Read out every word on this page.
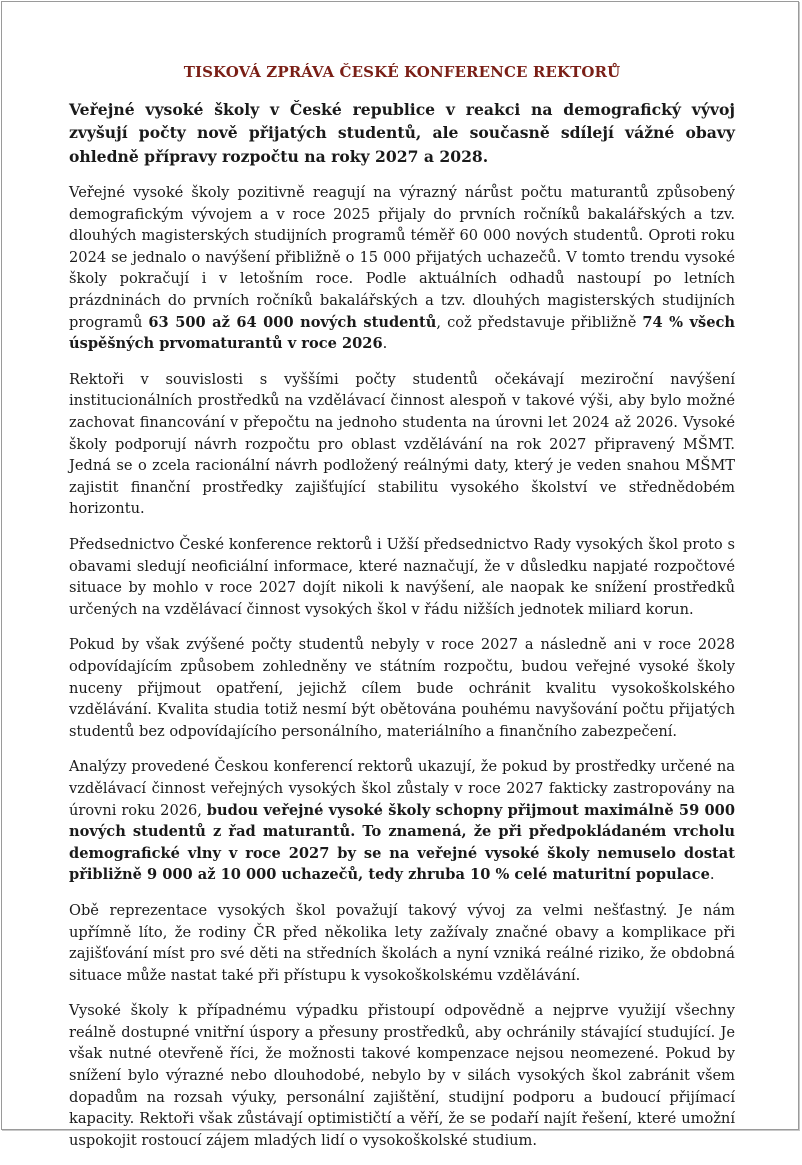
TISKOVÁ ZPRÁVA ČESKÉ KONFERENCE REKTORŮ
Veřejné vysoké školy v České republice v reakci na demografický vývoj zvyšují počty nově přijatých studentů, ale současně sdílejí vážné obavy ohledně přípravy rozpočtu na roky 2027 a 2028.

Veřejné vysoké školy pozitivně reagují na výrazný nárůst počtu maturantů způsobený demografickým vývojem a v roce 2025 přijaly do prvních ročníků bakalářských a tzv. dlouhých magisterských studijních programů téměř 60 000 nových studentů. Oproti roku 2024 se jednalo o navýšení přibližně o 15 000 přijatých uchazečů. V tomto trendu vysoké školy pokračují i v letošním roce. Podle aktuálních odhadů nastoupí po letních prázdninách do prvních ročníků bakalářských a tzv. dlouhých magisterských studijních programů 63 500 až 64 000 nových studentů, což představuje přibližně 74 % všech úspěšných prvomaturantů v roce 2026.

Rektoři v souvislosti s vyššími počty studentů očekávají meziroční navýšení institucionálních prostředků na vzdělávací činnost alespoň v takové výši, aby bylo možné zachovat financování v přepočtu na jednoho studenta na úrovni let 2024 až 2026. Vysoké školy podporují návrh rozpočtu pro oblast vzdělávání na rok 2027 připravený MŠMT. Jedná se o zcela racionální návrh podložený reálnými daty, který je veden snahou MŠMT zajistit finanční prostředky zajišťující stabilitu vysokého školství ve střednědobém horizontu.

Předsednictvo České konference rektorů i Užší předsednictvo Rady vysokých škol proto s obavami sledují neoficiální informace, které naznačují, že v důsledku napjaté rozpočtové situace by mohlo v roce 2027 dojít nikoli k navýšení, ale naopak ke snížení prostředků určených na vzdělávací činnost vysokých škol v řádu nižších jednotek miliard korun.

Pokud by však zvýšené počty studentů nebyly v roce 2027 a následně ani v roce 2028 odpovídajícím způsobem zohledněny ve státním rozpočtu, budou veřejné vysoké školy nuceny přijmout opatření, jejichž cílem bude ochránit kvalitu vysokoškolského vzdělávání. Kvalita studia totiž nesmí být obětována pouhému navyšování počtu přijatých studentů bez odpovídajícího personálního, materiálního a finančního zabezpečení.

Analýzy provedené Českou konferencí rektorů ukazují, že pokud by prostředky určené na vzdělávací činnost veřejných vysokých škol zůstaly v roce 2027 fakticky zastropovány na úrovni roku 2026, budou veřejné vysoké školy schopny přijmout maximálně 59 000 nových studentů z řad maturantů. To znamená, že při předpokládaném vrcholu demografické vlny v roce 2027 by se na veřejné vysoké školy nemuselo dostat přibližně 9 000 až 10 000 uchazečů, tedy zhruba 10 % celé maturitní populace.

Obě reprezentace vysokých škol považují takový vývoj za velmi nešťastný. Je nám upřímně líto, že rodiny ČR před několika lety zažívaly značné obavy a komplikace při zajišťování míst pro své děti na středních školách a nyní vzniká reálné riziko, že obdobná situace může nastat také při přístupu k vysokoškolskému vzdělávání.

Vysoké školy k případnému výpadku přistoupí odpovědně a nejprve využijí všechny reálně dostupné vnitřní úspory a přesuny prostředků, aby ochránily stávající studující. Je však nutné otevřeně říci, že možnosti takové kompenzace nejsou neomezené. Pokud by snížení bylo výrazné nebo dlouhodobé, nebylo by v silách vysokých škol zabránit všem dopadům na rozsah výuky, personální zajištění, studijní podporu a budoucí přijímací kapacity. Rektoři však zůstávají optimističtí a věří, že se podaří najít řešení, které umožní uspokojit rostoucí zájem mladých lidí o vysokoškolské studium.
